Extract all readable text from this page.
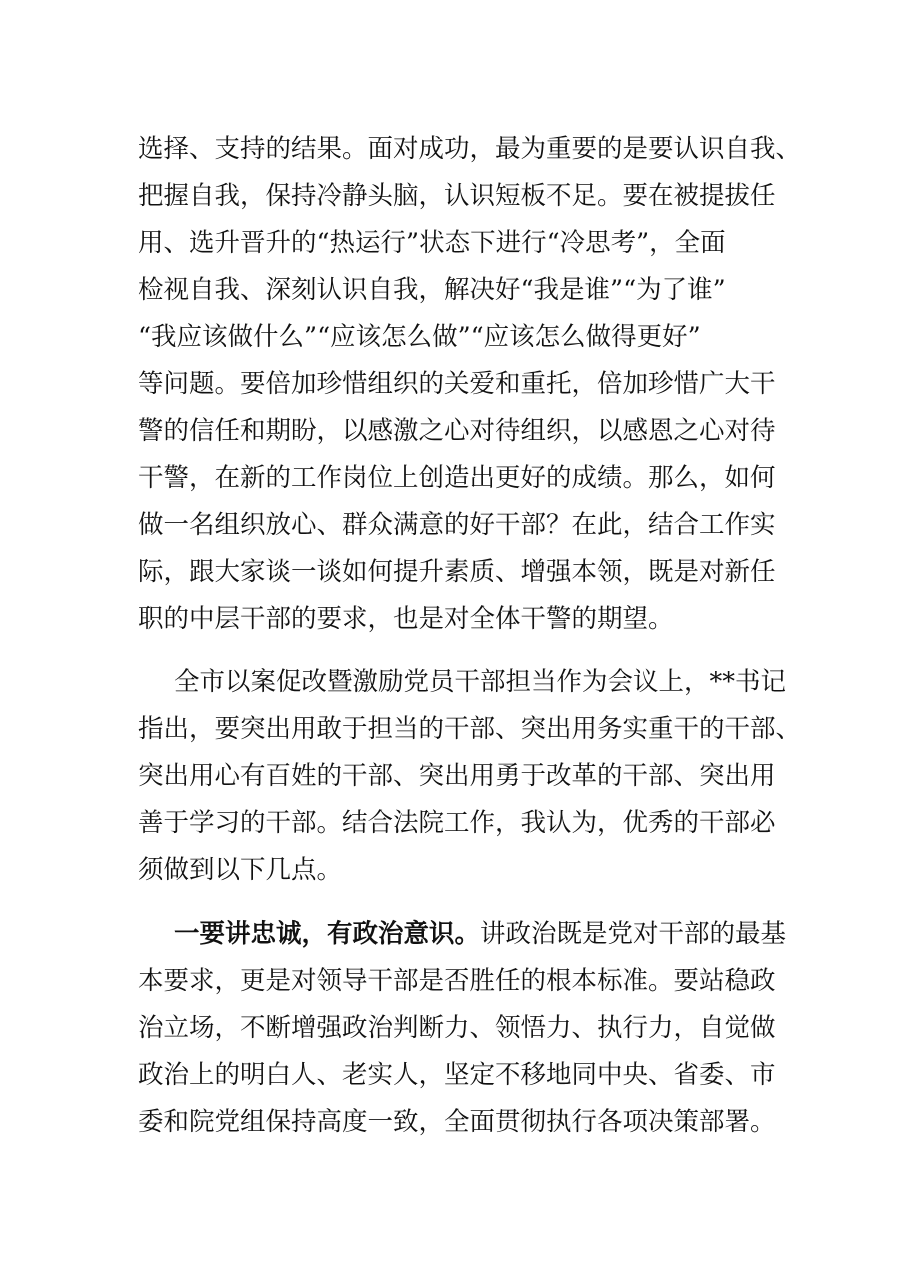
选择、支持的结果。面对成功，最为重要的是要认识自我、
把握自我，保持冷静头脑，认识短板不足。要在被提拔任
用、选升晋升的“热运行”状态下进行“冷思考”，全面
检视自我、深刻认识自我，解决好“我是谁”“为了谁”
“我应该做什么”“应该怎么做”“应该怎么做得更好”
等问题。要倍加珍惜组织的关爱和重托，倍加珍惜广大干
警的信任和期盼，以感激之心对待组织，以感恩之心对待
干警，在新的工作岗位上创造出更好的成绩。那么，如何
做一名组织放心、群众满意的好干部？在此，结合工作实
际，跟大家谈一谈如何提升素质、增强本领，既是对新任
职的中层干部的要求，也是对全体干警的期望。
全市以案促改暨激励党员干部担当作为会议上，**书记
指出，要突出用敢于担当的干部、突出用务实重干的干部、
突出用心有百姓的干部、突出用勇于改革的干部、突出用
善于学习的干部。结合法院工作，我认为，优秀的干部必
须做到以下几点。
一要讲忠诚，有政治意识。讲政治既是党对干部的最基
本要求，更是对领导干部是否胜任的根本标准。要站稳政
治立场，不断增强政治判断力、领悟力、执行力，自觉做
政治上的明白人、老实人，坚定不移地同中央、省委、市
委和院党组保持高度一致，全面贯彻执行各项决策部署。
